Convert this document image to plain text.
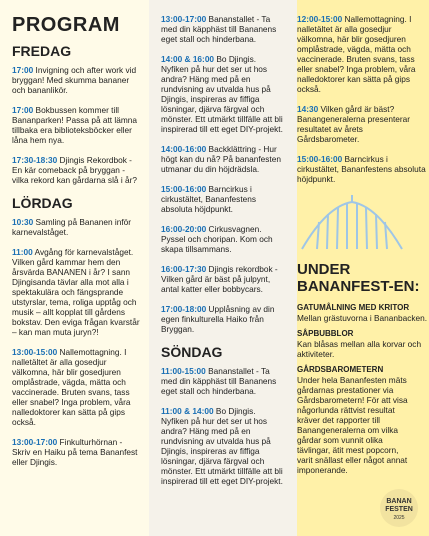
PROGRAM
FREDAG

17:00 Invigning och after work vid bryggan! Med skumma bananer och bananlikör.

17:00 Bokbussen kommer till Bananparken! Passa på att lämna tillbaka era biblioteksböcker eller låna hem nya.

17:30-18:30 Djingis Rekordbok - En kär comeback på bryggan - vilka rekord kan gårdarna slå i år?

LÖRDAG

10:30 Samling på Bananen inför karnevalståget.

11:00 Avgång för karnevalståget. Vilken gård kammar hem den årsvärda BANANEN i år? I sann Djingisanda tävlar alla mot alla i spektakulära och fängsprande utstyrslar, tema, roliga upptåg och musik – allt kopplat till gårdens bokstav. Den eviga frågan kvarstår – kan man muta juryn?!

13:00-15:00 Nallemottagning. I nalletältet är alla gosedjur välkomna, här blir gosedjuren omplåstrade, vägda, mätta och vaccinerade. Bruten svans, tass eller snabel? Inga problem, våra nalledoktorer kan sätta på gips också.

13:00-17:00 Finkulturhörnan - Skriv en Haiku på tema Bananfest eller Djingis.

13:00-17:00 Bananstallet - Ta med din käpphäst till Bananens eget stall och hinderbana.

14:00 & 16:00 Bo Djingis. Nyfiken på hur det ser ut hos andra? Häng med på en rundvisning av utvalda hus på Djingis, inspireras av fiffiga lösningar, djärva färgval och mönster. Ett utmärkt tillfälle att bli inspirerad till ett eget DIY-projekt.

14:00-16:00 Backklättring - Hur högt kan du nå? På bananfesten utmanar du din höjdrädsla.

15:00-16:00 Barncirkus i cirkustältet, Bananfestens absoluta höjdpunkt.

16:00-20:00 Cirkusvagnen. Pyssel och choripan. Kom och skapa tillsammans.

16:00-17:30 Djingis rekordbok - Vilken gård är bäst på julpynt, antal katter eller bobbycars.

17:00-18:00 Upplåsning av din egen finkulturella Haiko från Bryggan.

SÖNDAG

11:00-15:00 Bananstallet - Ta med din käpphäst till Bananens eget stall och hinderbana.

11:00 & 14:00 Bo Djingis. Nyfiken på hur det ser ut hos andra? Häng med på en rundvisning av utvalda hus på Djingis, inspireras av fiffiga lösningar, djärva färgval och mönster. Ett utmärkt tillfälle att bli inspirerad till ett eget DIY-projekt.

12:00-15:00 Nallemottagning. I nalletältet är alla gosedjur välkomna, här blir gosedjuren omplåstrade, vägda, mätta och vaccinerade. Bruten svans, tass eller snabel? Inga problem, våra nalledoktorer kan sätta på gips också.

14:30 Vilken gård är bäst? Banangeneralerna presenterar resultatet av årets Gårdsbarometer.

15:00-16:00 Barncirkus i cirkustältet, Bananfestens absoluta höjdpunkt.

UNDER BANANFEST-EN:

GATUMÅLNING MED KRITOR

Mellan grästuvorna i Bananbacken.

SÅPBUBBLOR

Kan blåsas mellan alla korvar och aktiviteter.

GÅRDSBAROMETERN

Under hela Bananfesten mäts gårdarnas prestationer via Gårdsbarometern! För att visa någorlunda rättvist resultat kräver det rapporter till Banangeneralerna om vilka gårdar som vunnit olika tävlingar, ätit mest popcorn, varit snällast eller något annat imponerande.

BANAN
FESTEN
2025
